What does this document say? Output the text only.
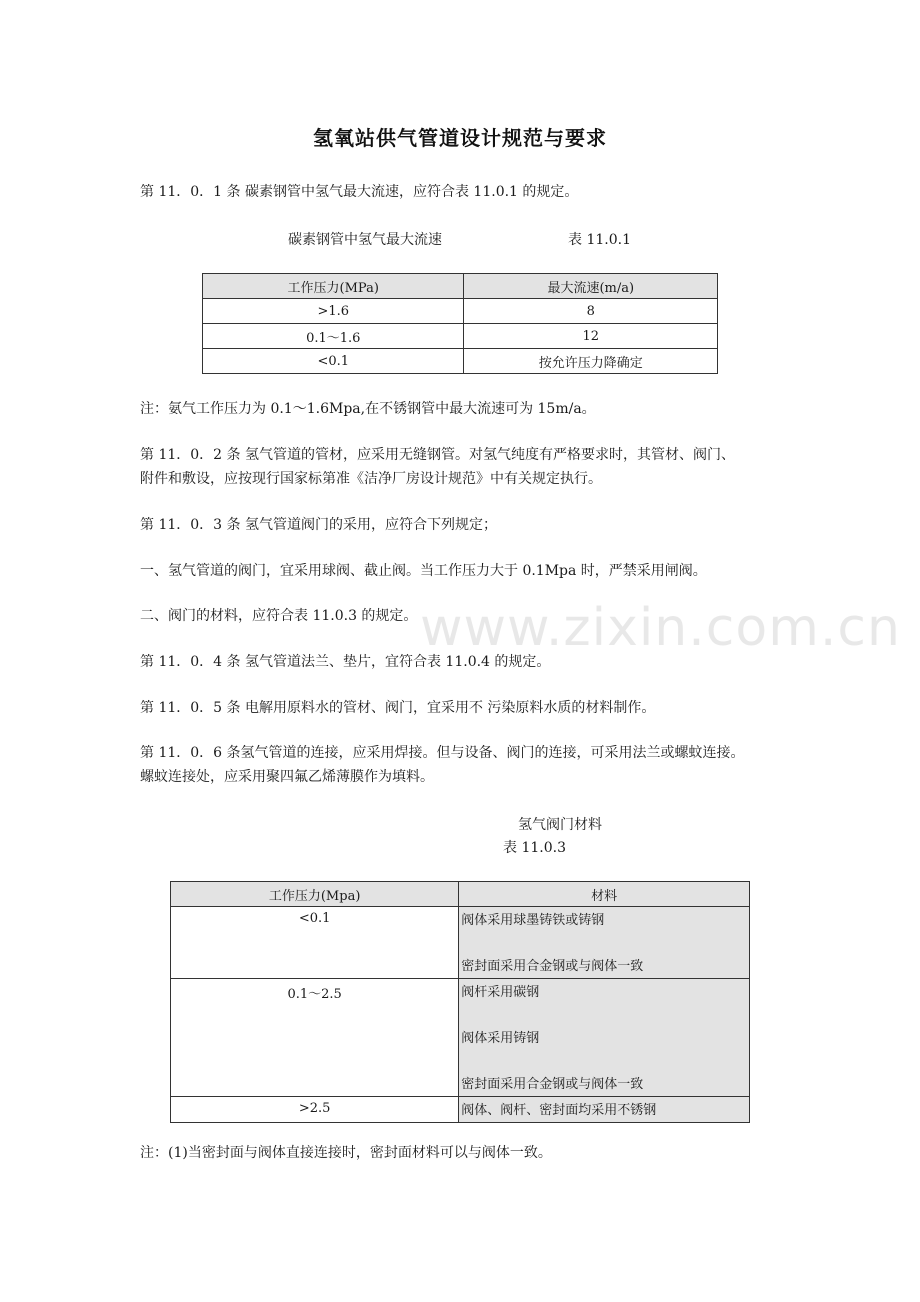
氢氧站供气管道设计规范与要求
第 11．0．1 条 碳素钢管中氢气最大流速，应符合表 11.0.1 的规定。
碳素钢管中氢气最大流速	表 11.0.1
工作压力(MPa)	最大流速(m/a)
>1.6	8
0.1～1.6	12
<0.1	按允许压力降确定
注：氨气工作压力为 0.1～1.6Mpa,在不锈钢管中最大流速可为 15m/a。
第 11．0．2 条 氢气管道的管材，应采用无缝钢管。对氢气纯度有严格要求时，其管材、阀门、
附件和敷设，应按现行国家标第准《洁净厂房设计规范》中有关规定执行。
第 11．0．3 条 氢气管道阀门的采用，应符合下列规定；
一、氢气管道的阀门，宜采用球阀、截止阀。当工作压力大于 0.1Mpa 时，严禁采用闸阀。
二、阀门的材料，应符合表 11.0.3 的规定。
第 11．0．4 条 氢气管道法兰、垫片，宜符合表 11.0.4 的规定。
第 11．0．5 条 电解用原料水的管材、阀门，宜采用不 污染原料水质的材料制作。
第 11．0．6 条氢气管道的连接，应采用焊接。但与设备、阀门的连接，可采用法兰或螺蚊连接。
螺蚊连接处，应采用聚四氟乙烯薄膜作为填料。
氢气阀门材料
表 11.0.3
工作压力(Mpa)	材料
<0.1	阀体采用球墨铸铁或铸钢
密封面采用合金钢或与阀体一致

0.1～2.5	阀杆采用碳钢
阀体采用铸钢
密封面采用合金钢或与阀体一致

>2.5	阀体、阀杆、密封面均采用不锈钢
注：(1)当密封面与阀体直接连接时，密封面材料可以与阀体一致。
www.zixin.com.cn
